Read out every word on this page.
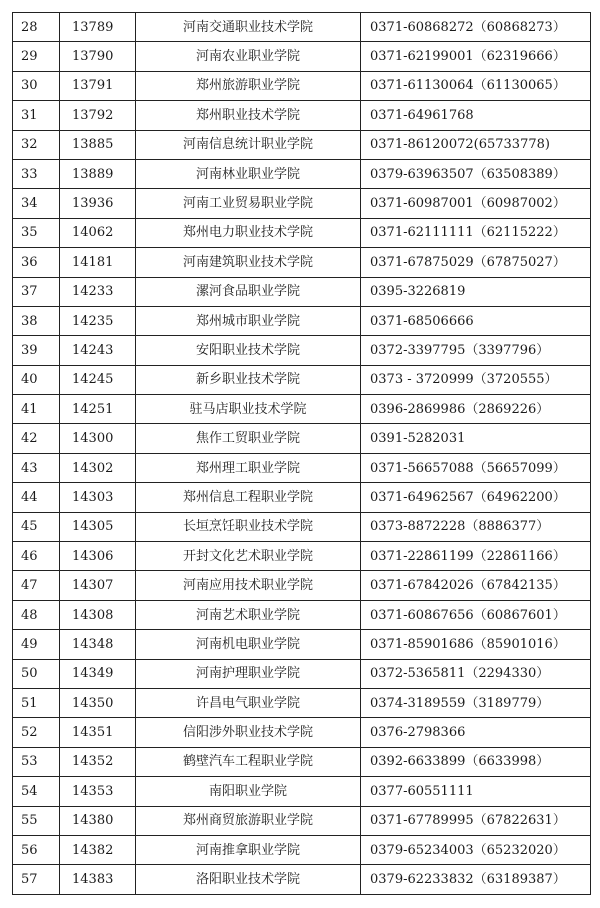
28	13789	河南交通职业技术学院	0371-60868272（60868273）
29	13790	河南农业职业学院	0371-62199001（62319666）
30	13791	郑州旅游职业学院	0371-61130064（61130065）
31	13792	郑州职业技术学院	0371-64961768
32	13885	河南信息统计职业学院	0371-86120072(65733778)
33	13889	河南林业职业学院	0379-63963507（63508389）
34	13936	河南工业贸易职业学院	0371-60987001（60987002）
35	14062	郑州电力职业技术学院	0371-62111111（62115222）
36	14181	河南建筑职业技术学院	0371-67875029（67875027）
37	14233	漯河食品职业学院	0395-3226819
38	14235	郑州城市职业学院	0371-68506666
39	14243	安阳职业技术学院	0372-3397795（3397796）
40	14245	新乡职业技术学院	0373 - 3720999（3720555）
41	14251	驻马店职业技术学院	0396-2869986（2869226）
42	14300	焦作工贸职业学院	0391-5282031
43	14302	郑州理工职业学院	0371-56657088（56657099）
44	14303	郑州信息工程职业学院	0371-64962567（64962200）
45	14305	长垣烹饪职业技术学院	0373-8872228（8886377）
46	14306	开封文化艺术职业学院	0371-22861199（22861166）
47	14307	河南应用技术职业学院	0371-67842026（67842135）
48	14308	河南艺术职业学院	0371-60867656（60867601）
49	14348	河南机电职业学院	0371-85901686（85901016）
50	14349	河南护理职业学院	0372-5365811（2294330）
51	14350	许昌电气职业学院	0374-3189559（3189779）
52	14351	信阳涉外职业技术学院	0376-2798366
53	14352	鹤壁汽车工程职业学院	0392-6633899（6633998）
54	14353	南阳职业学院	0377-60551111
55	14380	郑州商贸旅游职业学院	0371-67789995（67822631）
56	14382	河南推拿职业学院	0379-65234003（65232020）
57	14383	洛阳职业技术学院	0379-62233832（63189387）
